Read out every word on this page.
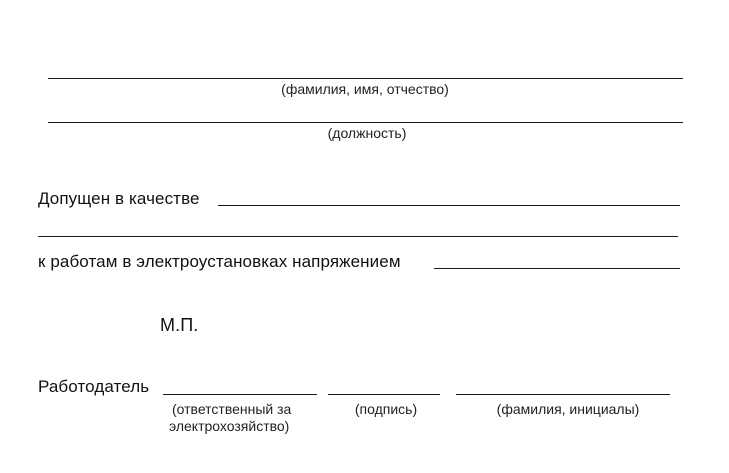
(фамилия, имя, отчество)
(должность)
Допущен в качестве
к работам в электроустановках напряжением
М.П.
Работодатель
(ответственный за
электрохозяйство)
(подпись)	(фамилия, инициалы)
